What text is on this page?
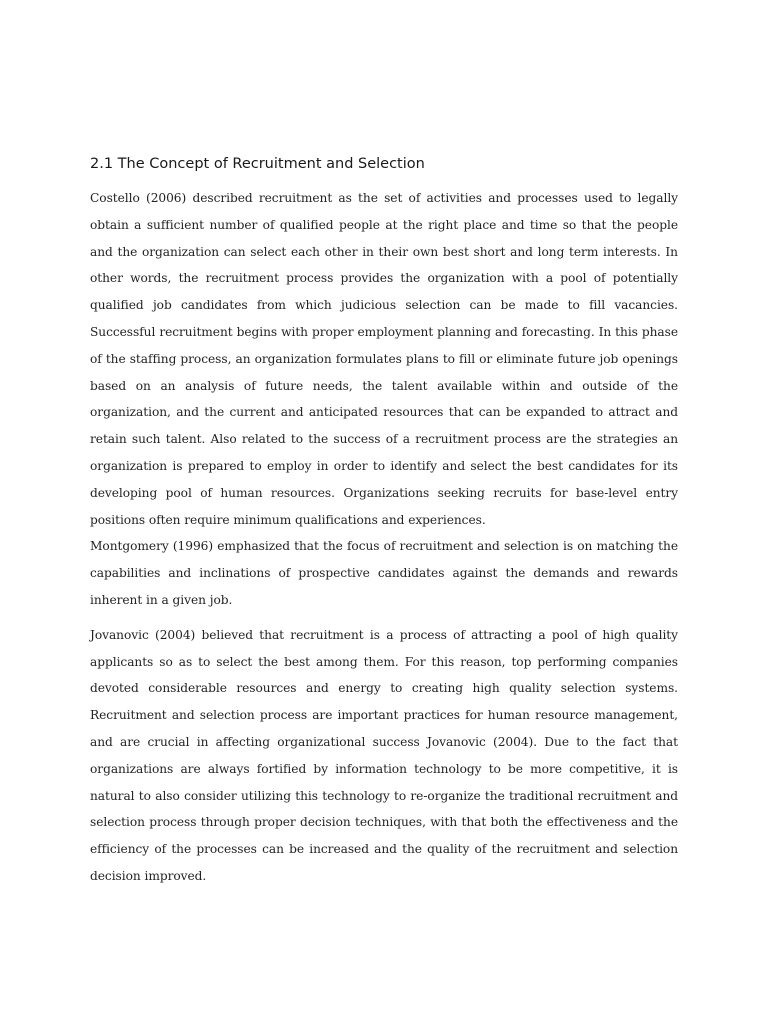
2.1 The Concept of Recruitment and Selection

Costello (2006) described recruitment as the set of activities and processes used to legally obtain a sufficient number of qualified people at the right place and time so that the people and the organization can select each other in their own best short and long term interests. In other words, the recruitment process provides the organization with a pool of potentially qualified job candidates from which judicious selection can be made to fill vacancies. Successful recruitment begins with proper employment planning and forecasting. In this phase of the staffing process, an organization formulates plans to fill or eliminate future job openings based on an analysis of future needs, the talent available within and outside of the organization, and the current and anticipated resources that can be expanded to attract and retain such talent. Also related to the success of a recruitment process are the strategies an organization is prepared to employ in order to identify and select the best candidates for its developing pool of human resources. Organizations seeking recruits for base-level entry positions often require minimum qualifications and experiences.

Montgomery (1996) emphasized that the focus of recruitment and selection is on matching the capabilities and inclinations of prospective candidates against the demands and rewards inherent in a given job.

Jovanovic (2004) believed that recruitment is a process of attracting a pool of high quality applicants so as to select the best among them. For this reason, top performing companies devoted considerable resources and energy to creating high quality selection systems. Recruitment and selection process are important practices for human resource management, and are crucial in affecting organizational success Jovanovic (2004). Due to the fact that organizations are always fortified by information technology to be more competitive, it is natural to also consider utilizing this technology to re-organize the traditional recruitment and selection process through proper decision techniques, with that both the effectiveness and the efficiency of the processes can be increased and the quality of the recruitment and selection decision improved.
